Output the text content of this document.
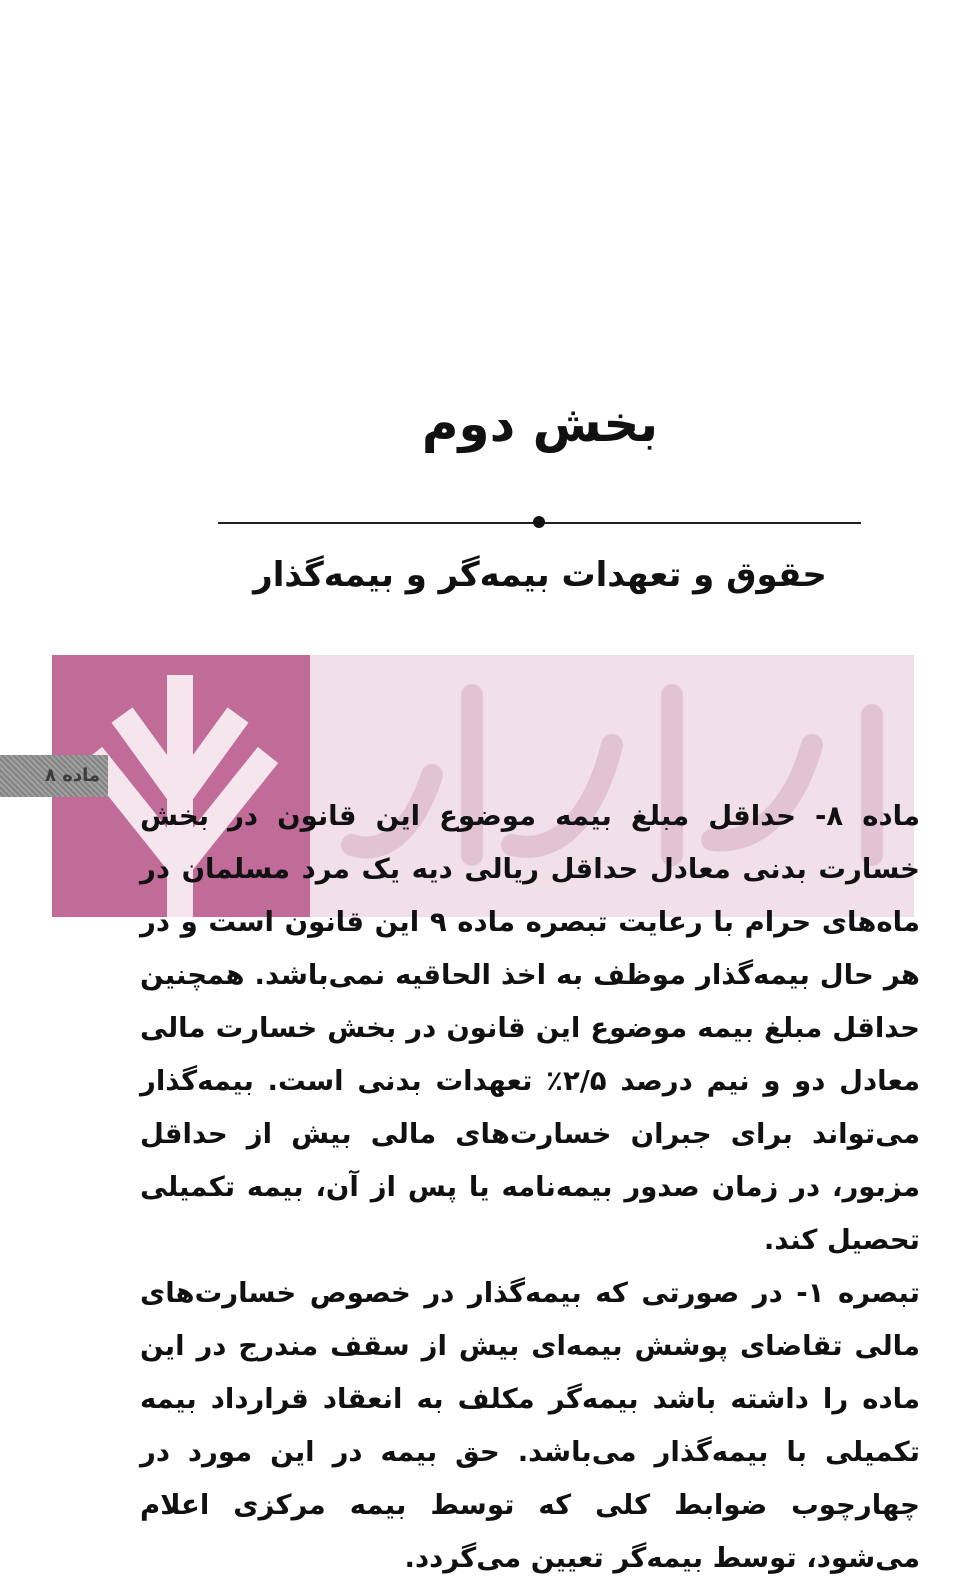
بخش دوم
حقوق و تعهدات بیمه‌گر و بیمه‌گذار
ماده ۸

ماده ۸- حداقل مبلغ بیمه موضوع این قانون در بخش خسارت بدنی معادل حداقل ریالی دیه یک مرد مسلمان در ماه‌های حرام با رعایت تبصره ماده ۹ این قانون است و در هر حال بیمه‌گذار موظف به اخذ الحاقیه نمی‌باشد. همچنین حداقل مبلغ بیمه موضوع این قانون در بخش خسارت مالی معادل دو و نیم درصد ۲/۵٪ تعهدات بدنی است. بیمه‌گذار می‌تواند برای جبران خسارت‌های مالی بیش از حداقل مزبور، در زمان صدور بیمه‌نامه یا پس از آن، بیمه تکمیلی تحصیل کند.

تبصره ۱- در صورتی که بیمه‌گذار در خصوص خسارت‌های مالی تقاضای پوشش بیمه‌ای بیش از سقف مندرج در این ماده را داشته باشد بیمه‌گر مکلف به انعقاد قرارداد بیمه تکمیلی با بیمه‌گذار می‌باشد. حق بیمه در این مورد در چهارچوب ضوابط کلی که توسط بیمه مرکزی اعلام می‌شود، توسط بیمه‌گر تعیین می‌گردد.
